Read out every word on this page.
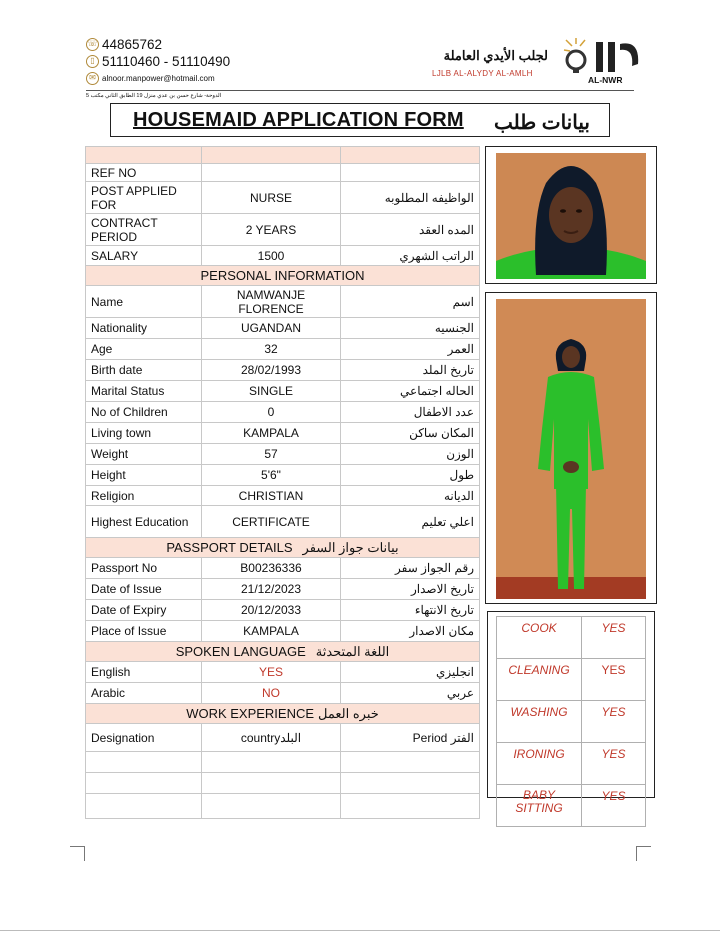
☏ 44865762
▯ 51110460 - 51110490
✉ alnoor.manpower@hotmail.com
الدوحة- شارع حسن بن عدي منزل 19 الطابق الثاني مكتب 5
لجلب الأيدي العاملة
LJLB AL-ALYDY AL-AMLH
AL-NWR
HOUSEMAID APPLICATION FORM بيانات طلب

REF NO		
POST APPLIED FOR	NURSE	الواظيفه المطلوبه
CONTRACT PERIOD	2 YEARS	المده العقد
SALARY	1500	الراتب الشهري
PERSONAL INFORMATION		
Name	NAMWANJE FLORENCE	اسم
Nationality	UGANDAN	الجنسيه
Age	32	العمر
Birth date	28/02/1993	تاريخ الملد
Marital Status	SINGLE	الحاله اجتماعي
No of Children	0	عدد الاطفال
Living town	KAMPALA	المكان ساكن
Weight	57	الوزن
Height	5'6"	طول
Religion	CHRISTIAN	الديانه
Highest Education	CERTIFICATE	اعلي تعليم
PASSPORT DETAILS بيانات جواز السفر		
Passport No	B00236336	رقم الجواز سفر
Date of Issue	21/12/2023	تاريخ الاصدار
Date of Expiry	20/12/2033	تاريخ الانتهاء
Place of Issue	KAMPALA	مكان الاصدار
SPOKEN LANGUAGE اللغة المتحدثة		
English	YES	انجليزي
Arabic	NO	عربي
WORK EXPERIENCE خبره العمل		
Designation	countryالبلد	الفتر Period

COOK	YES
CLEANING	YES
WASHING	YES
IRONING	YES
BABY SITTING	YES
